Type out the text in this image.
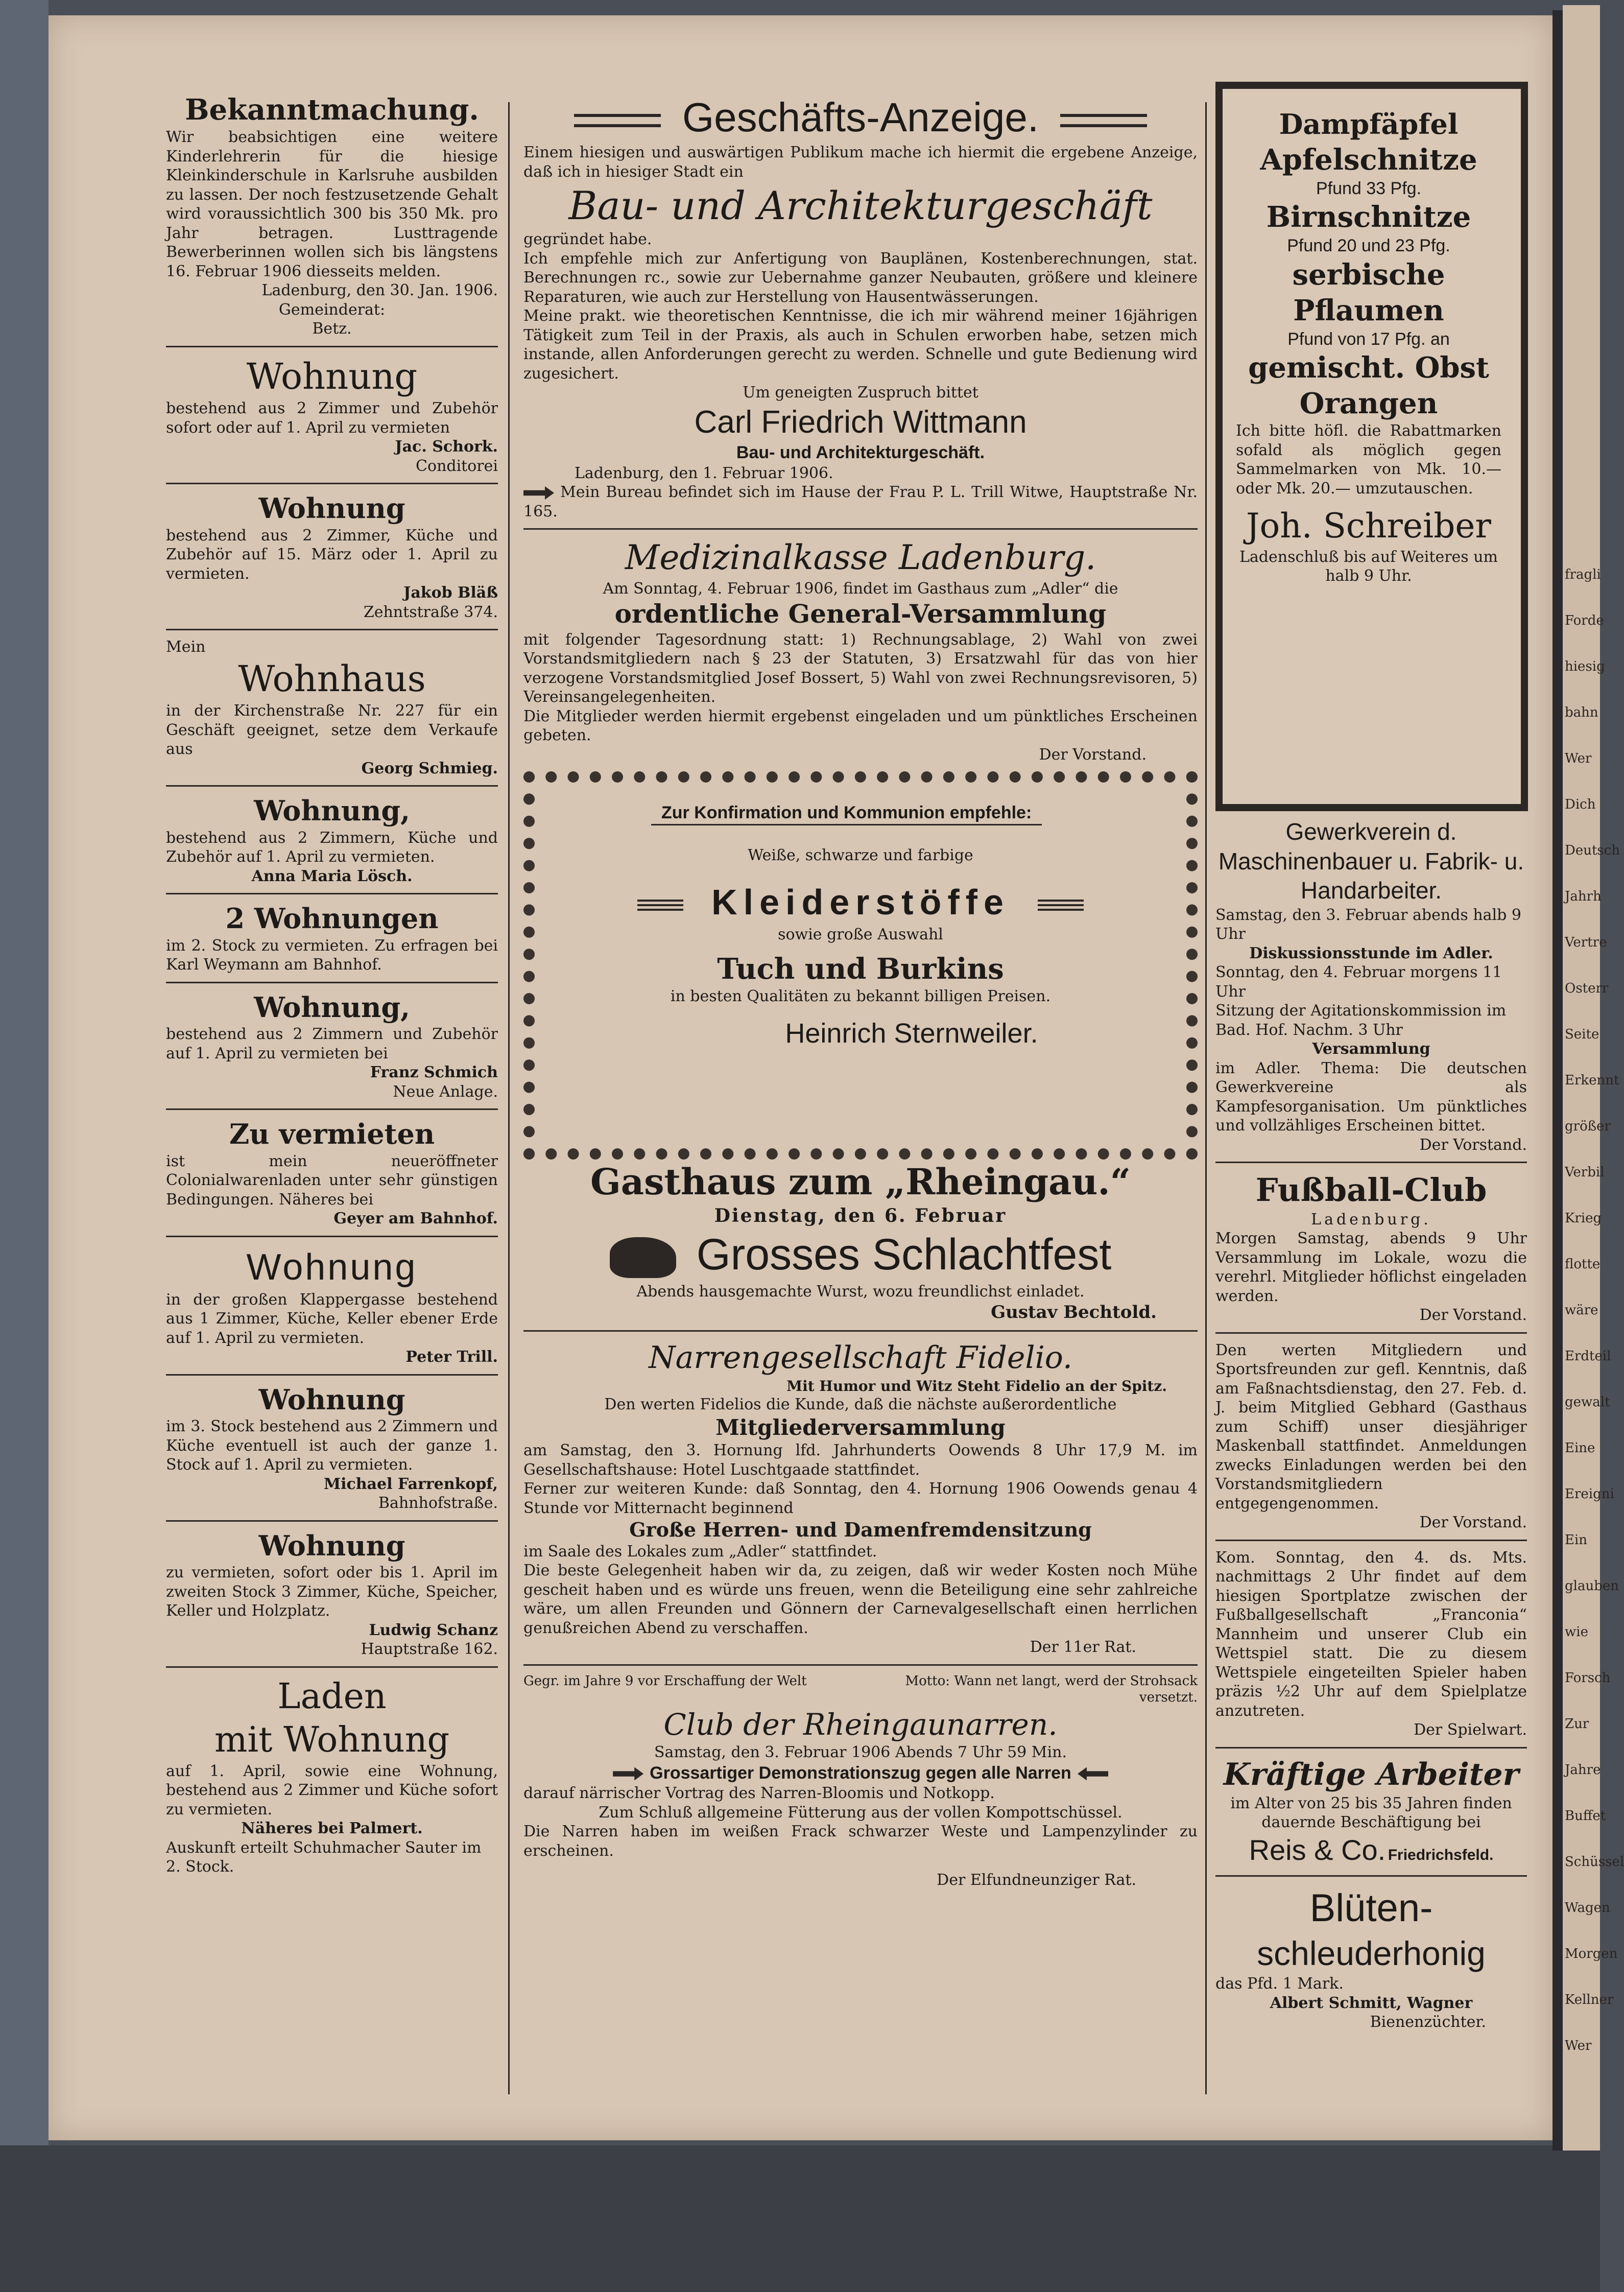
Bekanntmachung.

Wir beabsichtigen eine weitere Kinderlehrerin für die hiesige Kleinkinderschule in Karlsruhe ausbilden zu lassen. Der noch festzusetzende Gehalt wird voraussichtlich 300 bis 350 Mk. pro Jahr betragen. Lusttragende Bewerberinnen wollen sich bis längstens 16. Februar 1906 diesseits melden.

Ladenburg, den 30. Jan. 1906.

Gemeinderat:

Betz.

Wohnung

bestehend aus 2 Zimmer und Zubehör sofort oder auf 1. April zu vermieten

Jac. Schork.

Conditorei

Wohnung

bestehend aus 2 Zimmer, Küche und Zubehör auf 15. März oder 1. April zu vermieten.

Jakob Bläß

Zehntstraße 374.

Mein

Wohnhaus

in der Kirchenstraße Nr. 227 für ein Geschäft geeignet, setze dem Verkaufe aus

Georg Schmieg.

Wohnung,

bestehend aus 2 Zimmern, Küche und Zubehör auf 1. April zu vermieten.

Anna Maria Lösch.

2 Wohnungen

im 2. Stock zu vermieten. Zu erfragen bei Karl Weymann am Bahnhof.

Wohnung,

bestehend aus 2 Zimmern und Zubehör auf 1. April zu vermieten bei

Franz Schmich

Neue Anlage.

Zu vermieten

ist mein neueröffneter Colonialwarenladen unter sehr günstigen Bedingungen. Näheres bei

Geyer am Bahnhof.

Wohnung

in der großen Klappergasse bestehend aus 1 Zimmer, Küche, Keller ebener Erde auf 1. April zu vermieten.

Peter Trill.

Wohnung

im 3. Stock bestehend aus 2 Zimmern und Küche eventuell ist auch der ganze 1. Stock auf 1. April zu vermieten.

Michael Farrenkopf,

Bahnhofstraße.

Wohnung

zu vermieten, sofort oder bis 1. April im zweiten Stock 3 Zimmer, Küche, Speicher, Keller und Holzplatz.

Ludwig Schanz

Hauptstraße 162.

Laden

mit Wohnung

auf 1. April, sowie eine Wohnung, bestehend aus 2 Zimmer und Küche sofort zu vermieten.

Näheres bei Palmert.

Auskunft erteilt Schuhmacher Sauter im 2. Stock.

Geschäfts-Anzeige.

Einem hiesigen und auswärtigen Publikum mache ich hiermit die ergebene Anzeige, daß ich in hiesiger Stadt ein

Bau- und Architekturgeschäft

gegründet habe.

Ich empfehle mich zur Anfertigung von Bauplänen, Kostenberechnungen, stat. Berechnungen rc., sowie zur Uebernahme ganzer Neubauten, größere und kleinere Reparaturen, wie auch zur Herstellung von Hausentwässerungen.

Meine prakt. wie theoretischen Kenntnisse, die ich mir während meiner 16jährigen Tätigkeit zum Teil in der Praxis, als auch in Schulen erworben habe, setzen mich instande, allen Anforderungen gerecht zu werden. Schnelle und gute Bedienung wird zugesichert.

Um geneigten Zuspruch bittet

Carl Friedrich Wittmann

Bau- und Architekturgeschäft.

Ladenburg, den 1. Februar 1906.

Mein Bureau befindet sich im Hause der Frau P. L. Trill Witwe, Hauptstraße Nr. 165.

Medizinalkasse Ladenburg.

Am Sonntag, 4. Februar 1906, findet im Gasthaus zum „Adler“ die

ordentliche General-Versammlung

mit folgender Tagesordnung statt: 1) Rechnungsablage, 2) Wahl von zwei Vorstandsmitgliedern nach § 23 der Statuten, 3) Ersatzwahl für das von hier verzogene Vorstandsmitglied Josef Bossert, 5) Wahl von zwei Rechnungsrevisoren, 5) Vereinsangelegenheiten.

Die Mitglieder werden hiermit ergebenst eingeladen und um pünktliches Erscheinen gebeten.

Der Vorstand.

Zur Konfirmation und Kommunion empfehle:

Weiße, schwarze und farbige

Kleiderstöffe

sowie große Auswahl

Tuch und Burkins

in besten Qualitäten zu bekannt billigen Preisen.

Heinrich Sternweiler.

Gasthaus zum „Rheingau.“

Dienstag, den 6. Februar

Grosses Schlachtfest

Abends hausgemachte Wurst, wozu freundlichst einladet.

Gustav Bechtold.

Narrengesellschaft Fidelio.

Mit Humor und Witz Steht Fidelio an der Spitz.

Den werten Fidelios die Kunde, daß die nächste außerordentliche

Mitgliederversammlung

am Samstag, den 3. Hornung lfd. Jahrhunderts Oowends 8 Uhr 17,9 M. im Gesellschaftshause: Hotel Luschtgaade stattfindet.

Ferner zur weiteren Kunde: daß Sonntag, den 4. Hornung 1906 Oowends genau 4 Stunde vor Mitternacht beginnend

Große Herren- und Damenfremdensitzung

im Saale des Lokales zum „Adler“ stattfindet.

Die beste Gelegenheit haben wir da, zu zeigen, daß wir weder Kosten noch Mühe gescheit haben und es würde uns freuen, wenn die Beteiligung eine sehr zahlreiche wäre, um allen Freunden und Gönnern der Carnevalgesellschaft einen herrlichen genußreichen Abend zu verschaffen.

Der 11er Rat.

Gegr. im Jahre 9 vor Erschaffung der Welt	Motto: Wann net langt, werd der Strohsack versetzt.

Club der Rheingaunarren.

Samstag, den 3. Februar 1906 Abends 7 Uhr 59 Min.

Grossartiger Demonstrationszug gegen alle Narren

darauf närrischer Vortrag des Narren-Bloomis und Notkopp.

Zum Schluß allgemeine Fütterung aus der vollen Kompottschüssel.

Die Narren haben im weißen Frack schwarzer Weste und Lampenzylinder zu erscheinen.

Der Elfundneunziger Rat.

Dampfäpfel

Apfelschnitze

Pfund 33 Pfg.

Birnschnitze

Pfund 20 und 23 Pfg.

serbische

Pflaumen

Pfund von 17 Pfg. an

gemischt. Obst

Orangen

Ich bitte höfl. die Rabattmarken sofald als möglich gegen Sammelmarken von Mk. 10.— oder Mk. 20.— umzutauschen.

Joh. Schreiber

Ladenschluß bis auf Weiteres um halb 9 Uhr.

Gewerkverein d. Maschinenbauer u. Fabrik- u. Handarbeiter.

Samstag, den 3. Februar abends halb 9 Uhr

Diskussionsstunde im Adler.

Sonntag, den 4. Februar morgens 11 Uhr

Sitzung der Agitationskommission im Bad. Hof. Nachm. 3 Uhr

Versammlung

im Adler. Thema: Die deutschen Gewerkvereine als Kampfesorganisation. Um pünktliches und vollzähliges Erscheinen bittet.

Der Vorstand.

Fußball-Club

Ladenburg.

Morgen Samstag, abends 9 Uhr Versammlung im Lokale, wozu die verehrl. Mitglieder höflichst eingeladen werden.

Der Vorstand.

Den werten Mitgliedern und Sportsfreunden zur gefl. Kenntnis, daß am Faßnachtsdienstag, den 27. Feb. d. J. beim Mitglied Gebhard (Gasthaus zum Schiff) unser diesjähriger Maskenball stattfindet. Anmeldungen zwecks Einladungen werden bei den Vorstandsmitgliedern entgegengenommen.

Der Vorstand.

Kom. Sonntag, den 4. ds. Mts. nachmittags 2 Uhr findet auf dem hiesigen Sportplatze zwischen der Fußballgesellschaft „Franconia“ Mannheim und unserer Club ein Wettspiel statt. Die zu diesem Wettspiele eingeteilten Spieler haben präzis ½2 Uhr auf dem Spielplatze anzutreten.

Der Spielwart.

Kräftige Arbeiter

im Alter von 25 bis 35 Jahren finden dauernde Beschäftigung bei

Reis & Co. Friedrichsfeld.

Blüten-

schleuderhonig

das Pfd. 1 Mark.

Albert Schmitt, Wagner

Bienenzüchter.

fragli
Forde
hiesig
bahn
Wer
Dich
Deutsch
Jahrh
Vertre
Osterr
Seite
Erkennt
größer
Verbil
Krieg
flotte
wäre
Erdteil
gewalt
Eine
Ereigni
Ein
glauben
wie
Forsch
Zur
Jahre
Buffet
Schüssel
Wagen
Morgen
Kellner
Wer
